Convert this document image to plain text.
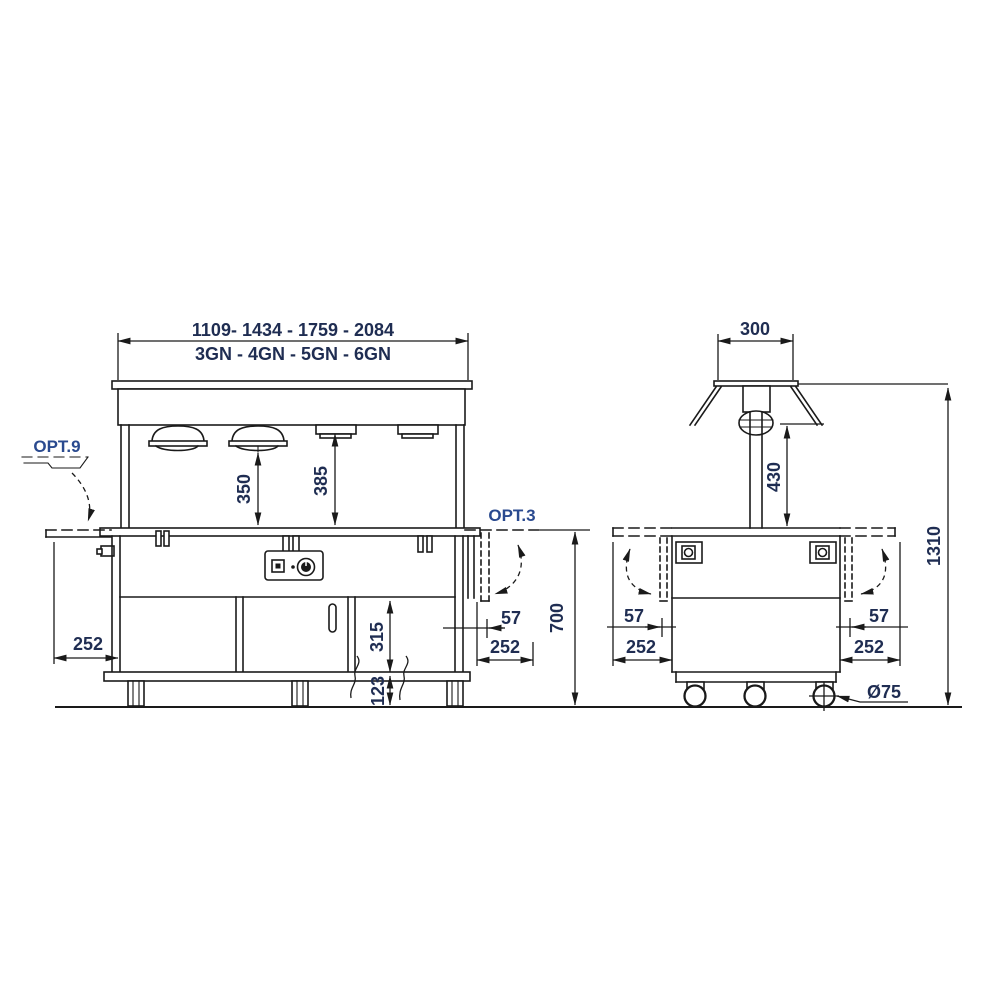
1109- 1434 - 1759 - 2084
3GN - 4GN - 5GN - 6GN
350	385
OPT.9
315
123
252
OPT.3
57
252
700
300
430
57
252
57
252
Ø75
1310
